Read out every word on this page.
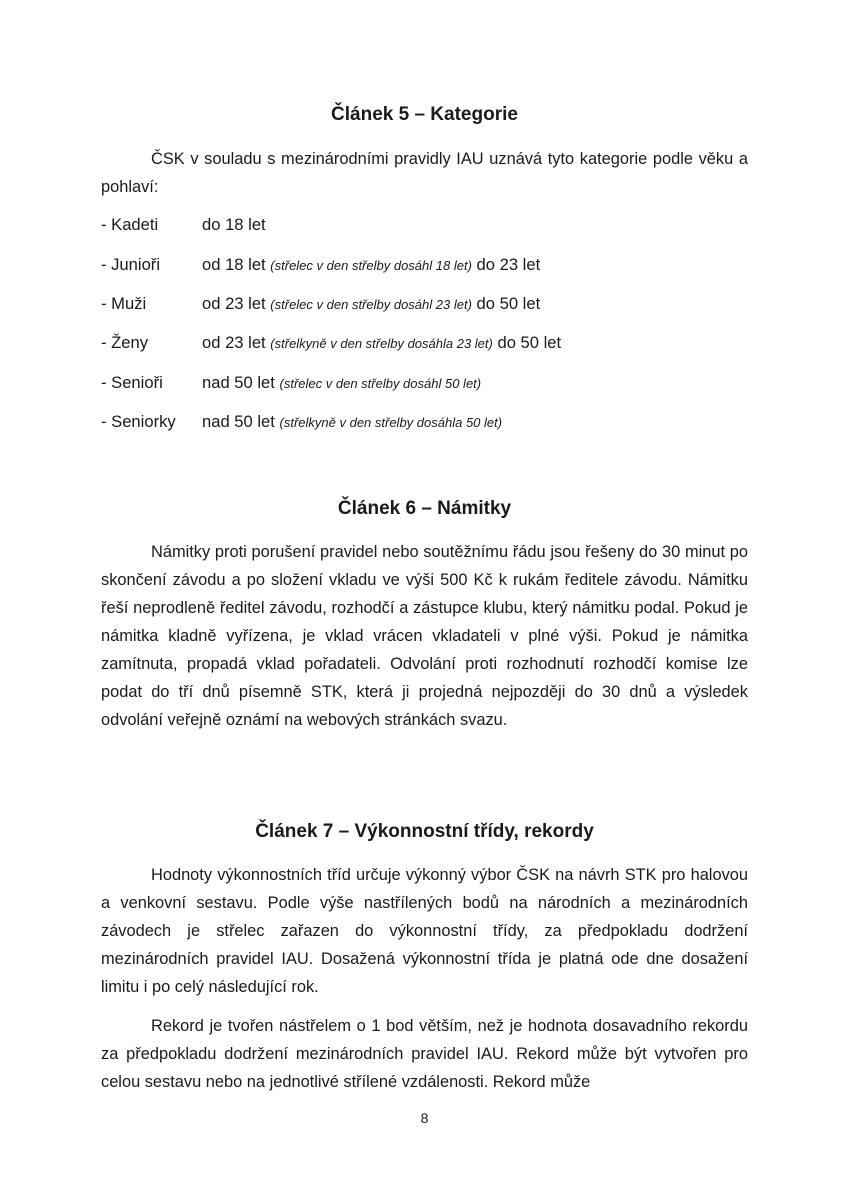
Článek 5 – Kategorie

ČSK v souladu s mezinárodními pravidly IAU uznává tyto kategorie podle věku a pohlaví:

- Kadeti	do 18 let
- Junioři	od 18 let (střelec v den střelby dosáhl 18 let) do 23 let
- Muži	od 23 let (střelec v den střelby dosáhl 23 let) do 50 let
- Ženy	od 23 let (střelkyně v den střelby dosáhla 23 let) do 50 let
- Senioři nad 50 let (střelec v den střelby dosáhl 50 let)
- Seniorky nad 50 let (střelkyně v den střelby dosáhla 50 let)
Článek 6 – Námitky

Námitky proti porušení pravidel nebo soutěžnímu řádu jsou řešeny do 30 minut po skončení závodu a po složení vkladu ve výši 500 Kč k rukám ředitele závodu. Námitku řeší neprodleně ředitel závodu, rozhodčí a zástupce klubu, který námitku podal. Pokud je námitka kladně vyřízena, je vklad vrácen vkladateli v plné výši. Pokud je námitka zamítnuta, propadá vklad pořadateli. Odvolání proti rozhodnutí rozhodčí komise lze podat do tří dnů písemně STK, která ji projedná nejpozději do 30 dnů a výsledek odvolání veřejně oznámí na webových stránkách svazu.

Článek 7 – Výkonnostní třídy, rekordy

Hodnoty výkonnostních tříd určuje výkonný výbor ČSK na návrh STK pro halovou a venkovní sestavu. Podle výše nastřílených bodů na národních a mezinárodních závodech je střelec zařazen do výkonnostní třídy, za předpokladu dodržení mezinárodních pravidel IAU. Dosažená výkonnostní třída je platná ode dne dosažení limitu i po celý následující rok.

Rekord je tvořen nástřelem o 1 bod větším, než je hodnota dosavadního rekordu za předpokladu dodržení mezinárodních pravidel IAU. Rekord může být vytvořen pro celou sestavu nebo na jednotlivé střílené vzdálenosti. Rekord může

8
